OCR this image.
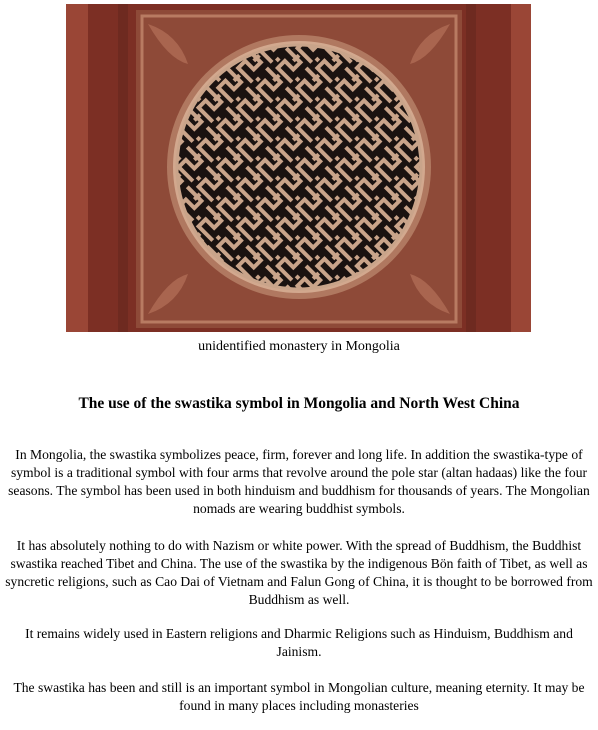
unidentified monastery in Mongolia
The use of the swastika symbol in Mongolia and North West China

In Mongolia, the swastika symbolizes peace, firm, forever and long life. In addition the swastika-type of symbol is a traditional symbol with four arms that revolve around the pole star (altan hadaas) like the four seasons. The symbol has been used in both hinduism and buddhism for thousands of years. The Mongolian nomads are wearing buddhist symbols.

It has absolutely nothing to do with Nazism or white power. With the spread of Buddhism, the Buddhist swastika reached Tibet and China. The use of the swastika by the indigenous Bön faith of Tibet, as well as syncretic religions, such as Cao Dai of Vietnam and Falun Gong of China, it is thought to be borrowed from Buddhism as well.

It remains widely used in Eastern religions and Dharmic Religions such as Hinduism, Buddhism and Jainism.

The swastika has been and still is an important symbol in Mongolian culture, meaning eternity. It may be found in many places including monasteries
